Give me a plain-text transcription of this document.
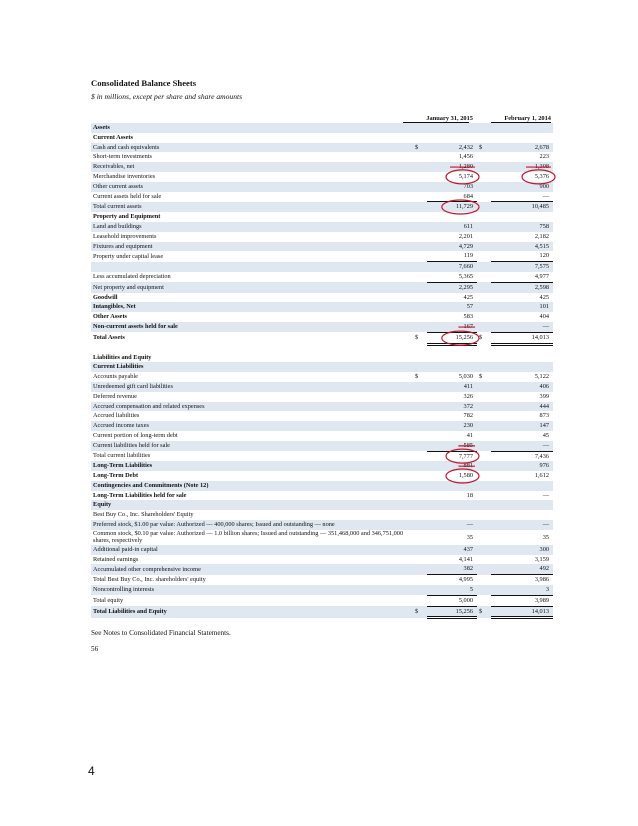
Consolidated Balance Sheets

$ in millions, except per share and share amounts

January 31, 2015	February 1, 2014
Assets				
Current Assets				
Cash and cash equivalents	$	2,432	$	2,678
Short-term investments		1,456		223
Receivables, net		1,280		1,308
Merchandise inventories		5,174		5,376
Other current assets		703		900
Current assets held for sale		684		—
Total current assets		11,729		10,485
Property and Equipment				
Land and buildings		611		758
Leasehold improvements		2,201		2,182
Fixtures and equipment		4,729		4,515
Property under capital lease		119		120
		7,660		7,575
Less accumulated depreciation		5,365		4,977
Net property and equipment		2,295		2,598
Goodwill		425		425
Intangibles, Net		57		101
Other Assets		583		404
Non-current assets held for sale		167		—
Total Assets	$	15,256	$	14,013

Liabilities and Equity				
Current Liabilities				
Accounts payable	$	5,030	$	5,122
Unredeemed gift card liabilities		411		406
Deferred revenue		326		399
Accrued compensation and related expenses		372		444
Accrued liabilities		782		873
Accrued income taxes		230		147
Current portion of long-term debt		41		45
Current liabilities held for sale		585		—
Total current liabilities		7,777		7,436
Long-Term Liabilities		881		976
Long-Term Debt		1,580		1,612
Contingencies and Commitments (Note 12)				
Long-Term Liabilities held for sale		18		—
Equity				
Best Buy Co., Inc. Shareholders' Equity				
Preferred stock, $1.00 par value: Authorized — 400,000 shares; Issued and outstanding — none		—		—
Common stock, $0.10 par value: Authorized — 1.0 billion shares; Issued and outstanding — 351,468,000 and 346,751,000 shares, respectively		35		35
Additional paid-in capital		437		300
Retained earnings		4,141		3,159
Accumulated other comprehensive income		382		492
Total Best Buy Co., Inc. shareholders' equity		4,995		3,986
Noncontrolling interests		5		3
Total equity		5,000		3,989
Total Liabilities and Equity	$	15,256	$	14,013
See Notes to Consolidated Financial Statements.
56
4
